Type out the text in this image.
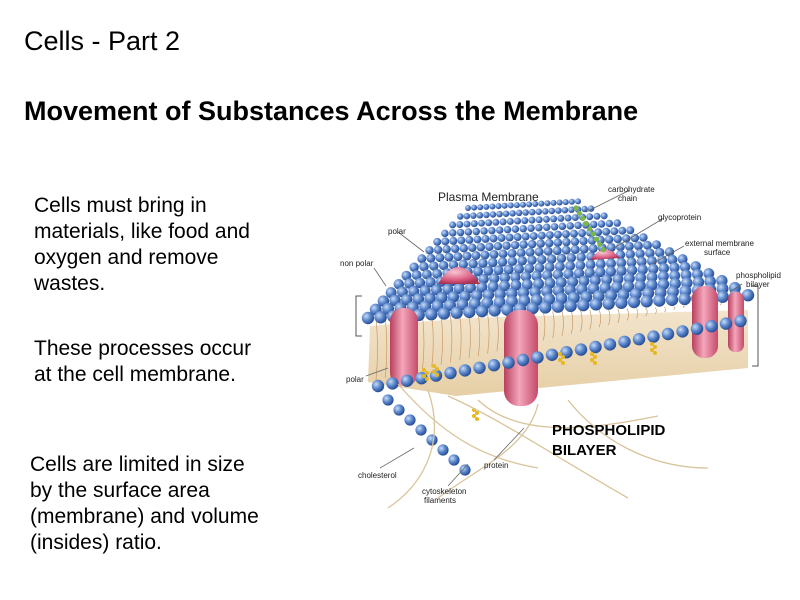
Cells - Part 2
Movement of Substances Across the Membrane
Cells must bring in
materials, like food and
oxygen and remove
wastes.
These processes occur
at the cell membrane.
Cells are limited in size
by the surface area
(membrane) and volume
(insides) ratio.
Plasma Membrane
carbohydrate chain
glycoprotein
polar
external membrane surface
non polar
phospholipid bilayer
polar
cholesterol
protein
cytoskeleton filaments
PHOSPHOLIPID
BILAYER
